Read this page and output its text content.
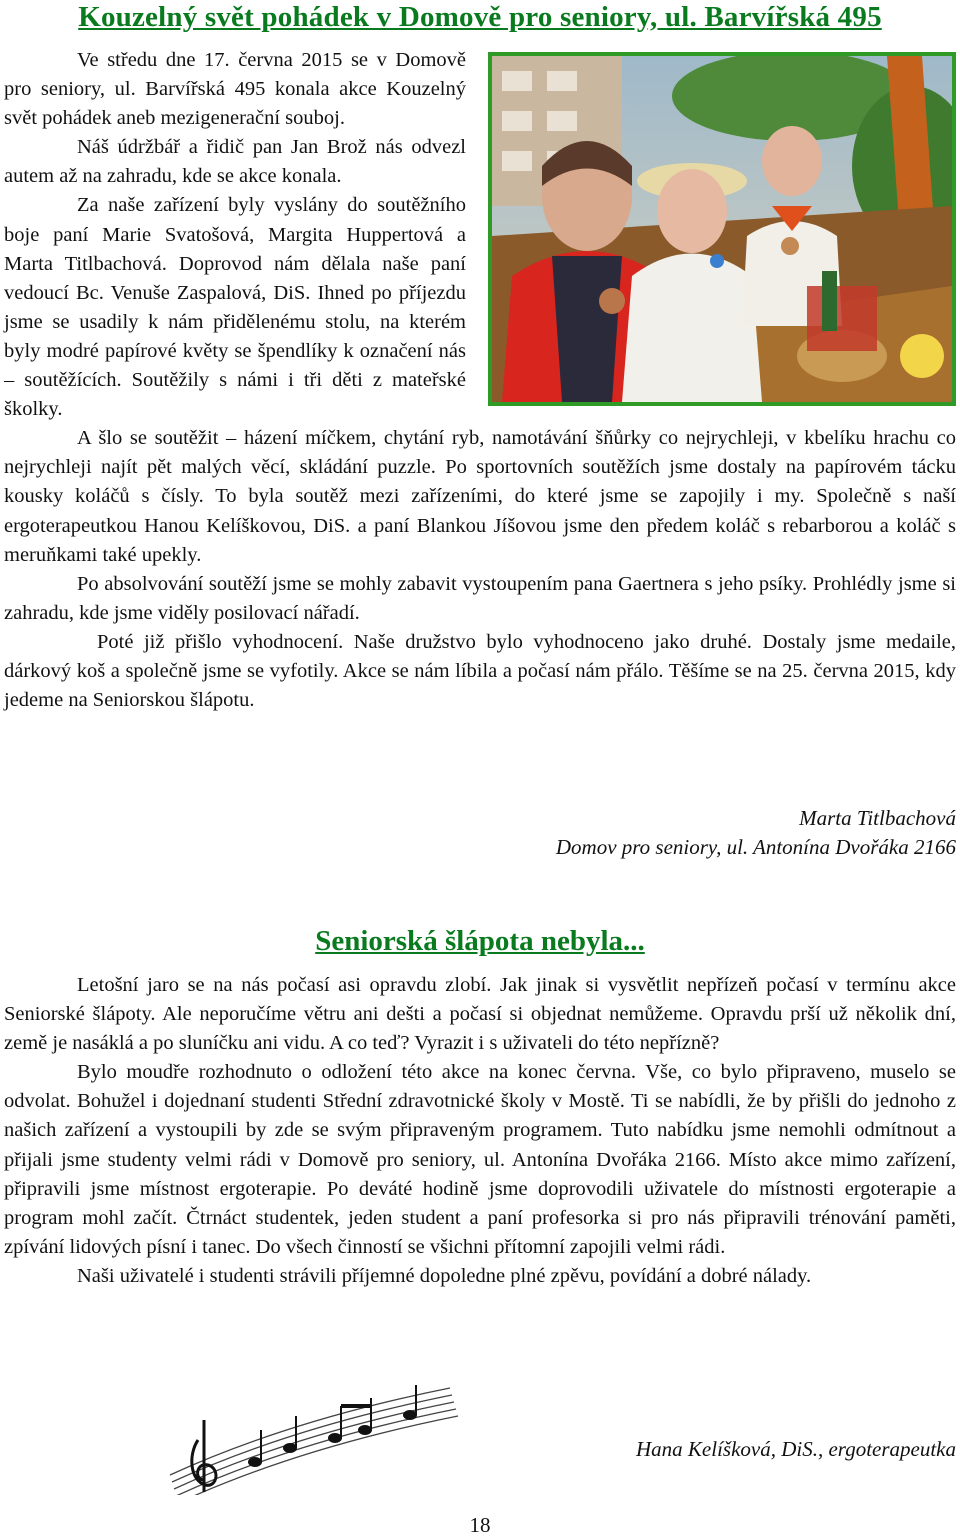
Kouzelný svět pohádek v Domově pro seniory, ul. Barvířská 495

Ve středu dne 17. června 2015 se v Domově pro seniory, ul. Barvířská 495 konala akce Kouzelný svět pohádek aneb mezigenerační souboj.

Náš údržbář a řidič pan Jan Brož nás odvezl autem až na zahradu, kde se akce konala.

Za naše zařízení byly vyslány do soutěžního boje paní Marie Svatošová, Margita Huppertová a Marta Titlbachová. Doprovod nám dělala naše paní vedoucí Bc. Venuše Zaspalová, DiS. Ihned po příjezdu jsme se usadily k nám přidělenému stolu, na kterém byly modré papírové květy se špendlíky k označení nás – soutěžících. Soutěžily s námi i tři děti z mateřské školky.

A šlo se soutěžit – házení míčkem, chytání ryb, namotávání šňůrky co nejrychleji, v kbelíku hrachu co nejrychleji najít pět malých věcí, skládání puzzle. Po sportovních soutěžích jsme dostaly na papírovém tácku kousky koláčů s čísly. To byla soutěž mezi zařízeními, do které jsme se zapojily i my. Společně s naší ergoterapeutkou Hanou Kelíškovou, DiS. a paní Blankou Jíšovou jsme den předem koláč s rebarborou a koláč s meruňkami také upekly.

Po absolvování soutěží jsme se mohly zabavit vystoupením pana Gaertnera s jeho psíky. Prohlédly jsme si zahradu, kde jsme viděly posilovací nářadí.

Poté již přišlo vyhodnocení. Naše družstvo bylo vyhodnoceno jako druhé. Dostaly jsme medaile, dárkový koš a společně jsme se vyfotily. Akce se nám líbila a počasí nám přálo. Těšíme se na 25. června 2015, kdy jedeme na Seniorskou šlápotu.

Marta Titlbachová
Domov pro seniory, ul. Antonína Dvořáka 2166
Seniorská šlápota nebyla...

Letošní jaro se na nás počasí asi opravdu zlobí. Jak jinak si vysvětlit nepřízeň počasí v termínu akce Seniorské šlápoty. Ale neporučíme větru ani dešti a počasí si objednat nemůžeme. Opravdu prší už několik dní, země je nasáklá a po sluníčku ani vidu. A co teď? Vyrazit i s uživateli do této nepřízně?

Bylo moudře rozhodnuto o odložení této akce na konec června. Vše, co bylo připraveno, muselo se odvolat. Bohužel i dojednaní studenti Střední zdravotnické školy v Mostě. Ti se nabídli, že by přišli do jednoho z našich zařízení a vystoupili by zde se svým připraveným programem. Tuto nabídku jsme nemohli odmítnout a přijali jsme studenty velmi rádi v Domově pro seniory, ul. Antonína Dvořáka 2166. Místo akce mimo zařízení, připravili jsme místnost ergoterapie. Po deváté hodině jsme doprovodili uživatele do místnosti ergoterapie a program mohl začít. Čtrnáct studentek, jeden student a paní profesorka si pro nás připravili trénování paměti, zpívání lidových písní i tanec. Do všech činností se všichni přítomní zapojili velmi rádi.

Naši uživatelé i studenti strávili příjemné dopoledne plné zpěvu, povídání a dobré nálady.

Hana Kelíšková, DiS., ergoterapeutka
18
